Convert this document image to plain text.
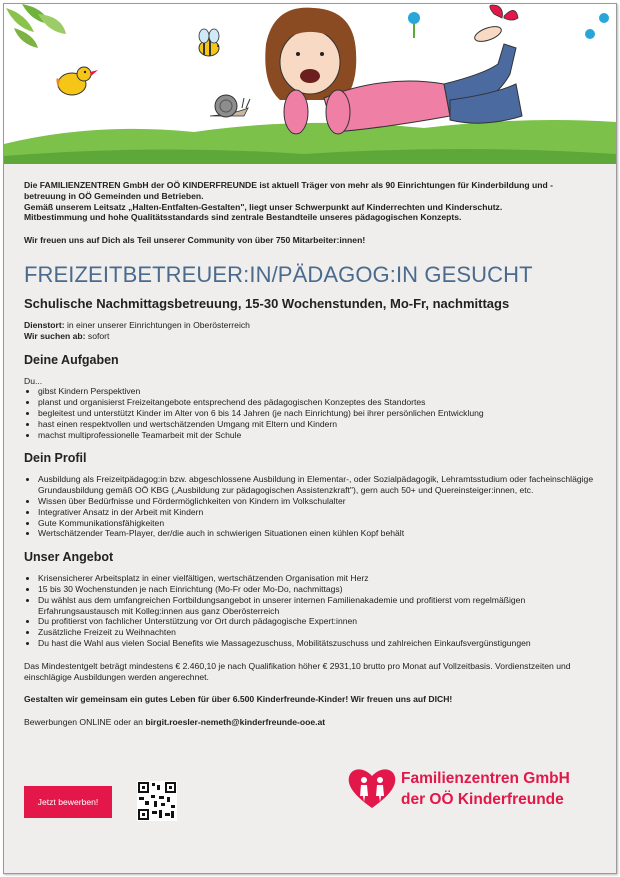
Die FAMILIENZENTREN GmbH der OÖ KINDERFREUNDE ist aktuell Träger von mehr als 90 Einrichtungen für Kinderbildung und -betreuung in OÖ Gemeinden und Betrieben.
Gemäß unserem Leitsatz „Halten-Entfalten-Gestalten", liegt unser Schwerpunkt auf Kinderrechten und Kinderschutz.
Mitbestimmung und hohe Qualitätsstandards sind zentrale Bestandteile unseres pädagogischen Konzepts.

Wir freuen uns auf Dich als Teil unserer Community von über 750 Mitarbeiter:innen!

FREIZEITBETREUER:IN/PÄDAGOG:IN GESUCHT
Schulische Nachmittagsbetreuung, 15-30 Wochenstunden, Mo-Fr, nachmittags
Dienstort: in einer unserer Einrichtungen in Oberösterreich
Wir suchen ab: sofort
Deine Aufgaben

Du...

• gibst Kindern Perspektiven
• planst und organisierst Freizeitangebote entsprechend des pädagogischen Konzeptes des Standortes
• begleitest und unterstützt Kinder im Alter von 6 bis 14 Jahren (je nach Einrichtung) bei ihrer persönlichen Entwicklung
• hast einen respektvollen und wertschätzenden Umgang mit Eltern und Kindern
• machst multiprofessionelle Teamarbeit mit der Schule
Dein Profil
• Ausbildung als Freizeitpädagog:in bzw. abgeschlossene Ausbildung in Elementar-, oder Sozialpädagogik, Lehramtsstudium oder facheinschlägige Grundausbildung gemäß OÖ KBG („Ausbildung zur pädagogischen Assistenzkraft"), gern auch 50+ und Quereinsteiger:innen, etc.
• Wissen über Bedürfnisse und Fördermöglichkeiten von Kindern im Volkschulalter
• Integrativer Ansatz in der Arbeit mit Kindern
• Gute Kommunikationsfähigkeiten
• Wertschätzender Team-Player, der/die auch in schwierigen Situationen einen kühlen Kopf behält
Unser Angebot
• Krisensicherer Arbeitsplatz in einer vielfältigen, wertschätzenden Organisation mit Herz
• 15 bis 30 Wochenstunden je nach Einrichtung (Mo-Fr oder Mo-Do, nachmittags)
• Du wählst aus dem umfangreichen Fortbildungsangebot in unserer internen Familienakademie und profitierst vom regelmäßigen Erfahrungsaustausch mit Kolleg:innen aus ganz Oberösterreich
• Du profitierst von fachlicher Unterstützung vor Ort durch pädagogische Expert:innen
• Zusätzliche Freizeit zu Weihnachten
• Du hast die Wahl aus vielen Social Benefits wie Massagezuschuss, Mobilitätszuschuss und zahlreichen Einkaufsvergünstigungen

Das Mindestentgelt beträgt mindestens € 2.460,10 je nach Qualifikation höher € 2931,10 brutto pro Monat auf Vollzeitbasis. Vordienstzeiten und einschlägige Ausbildungen werden angerechnet.

Gestalten wir gemeinsam ein gutes Leben für über 6.500 Kinderfreunde-Kinder! Wir freuen uns auf DICH!

Bewerbungen ONLINE oder an birgit.roesler-nemeth@kinderfreunde-ooe.at

Jetzt bewerben!
Familienzentren GmbH
der OÖ Kinderfreunde
